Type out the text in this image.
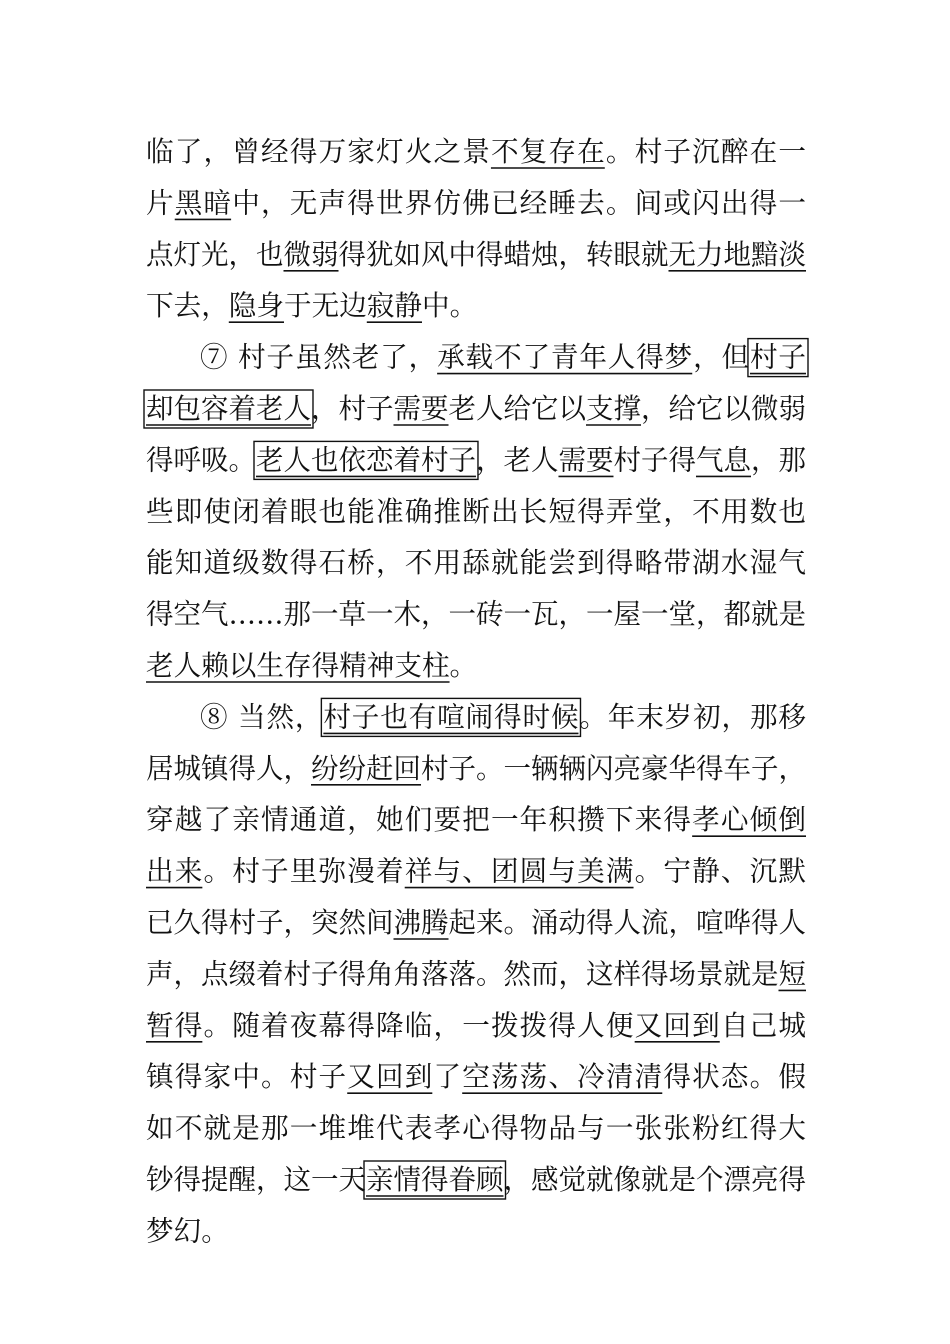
临了，曾经得万家灯火之景不复存在。村子沉醉在一
片黑暗中，无声得世界仿佛已经睡去。间或闪出得一
点灯光，也微弱得犹如风中得蜡烛，转眼就无力地黯淡
下去，隐身于无边寂静中。
⑦ 村子虽然老了，承载不了青年人得梦，但村子
却包容着老人，村子需要老人给它以支撑，给它以微弱
得呼吸。老人也依恋着村子，老人需要村子得气息，那
些即使闭着眼也能准确推断出长短得弄堂，不用数也
能知道级数得石桥，不用舔就能尝到得略带湖水湿气
得空气……那一草一木，一砖一瓦，一屋一堂，都就是
老人赖以生存得精神支柱。
⑧ 当然，村子也有喧闹得时候。年末岁初，那移
居城镇得人，纷纷赶回村子。一辆辆闪亮豪华得车子，
穿越了亲情通道，她们要把一年积攒下来得孝心倾倒
出来。村子里弥漫着祥与、团圆与美满。宁静、沉默
已久得村子，突然间沸腾起来。涌动得人流，喧哗得人
声，点缀着村子得角角落落。然而，这样得场景就是短
暂得。随着夜幕得降临，一拨拨得人便又回到自己城
镇得家中。村子又回到了空荡荡、冷清清得状态。假
如不就是那一堆堆代表孝心得物品与一张张粉红得大
钞得提醒，这一天亲情得眷顾，感觉就像就是个漂亮得
梦幻。
